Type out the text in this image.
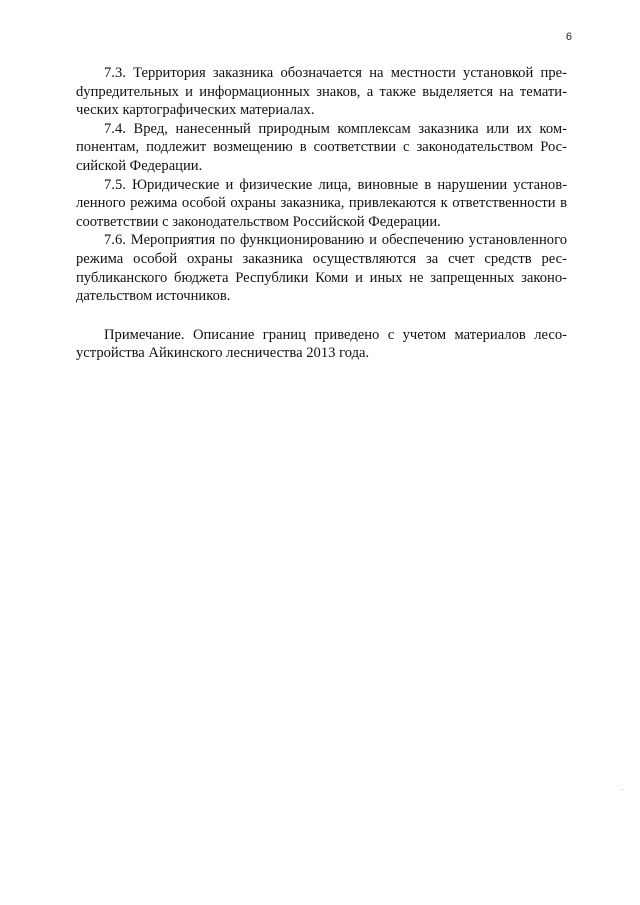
6

7.3. Территория заказника обозначается на местности установкой преdупредительных и информационных знаков, а также выделяется на тематических картографических материалах.

7.4. Вред, нанесенный природным комплексам заказника или их компонентам, подлежит возмещению в соответствии с законодательством Российской Федерации.

7.5. Юридические и физические лица, виновные в нарушении установленного режима особой охраны заказника, привлекаются к ответственности в соответствии с законодательством Российской Федерации.

7.6. Мероприятия по функционированию и обеспечению установленного режима особой охраны заказника осуществляются за счет средств республиканского бюджета Республики Коми и иных не запрещенных законодательством источников.

Примечание. Описание границ приведено с учетом материалов лесоустройства Айкинского лесничества 2013 года.
